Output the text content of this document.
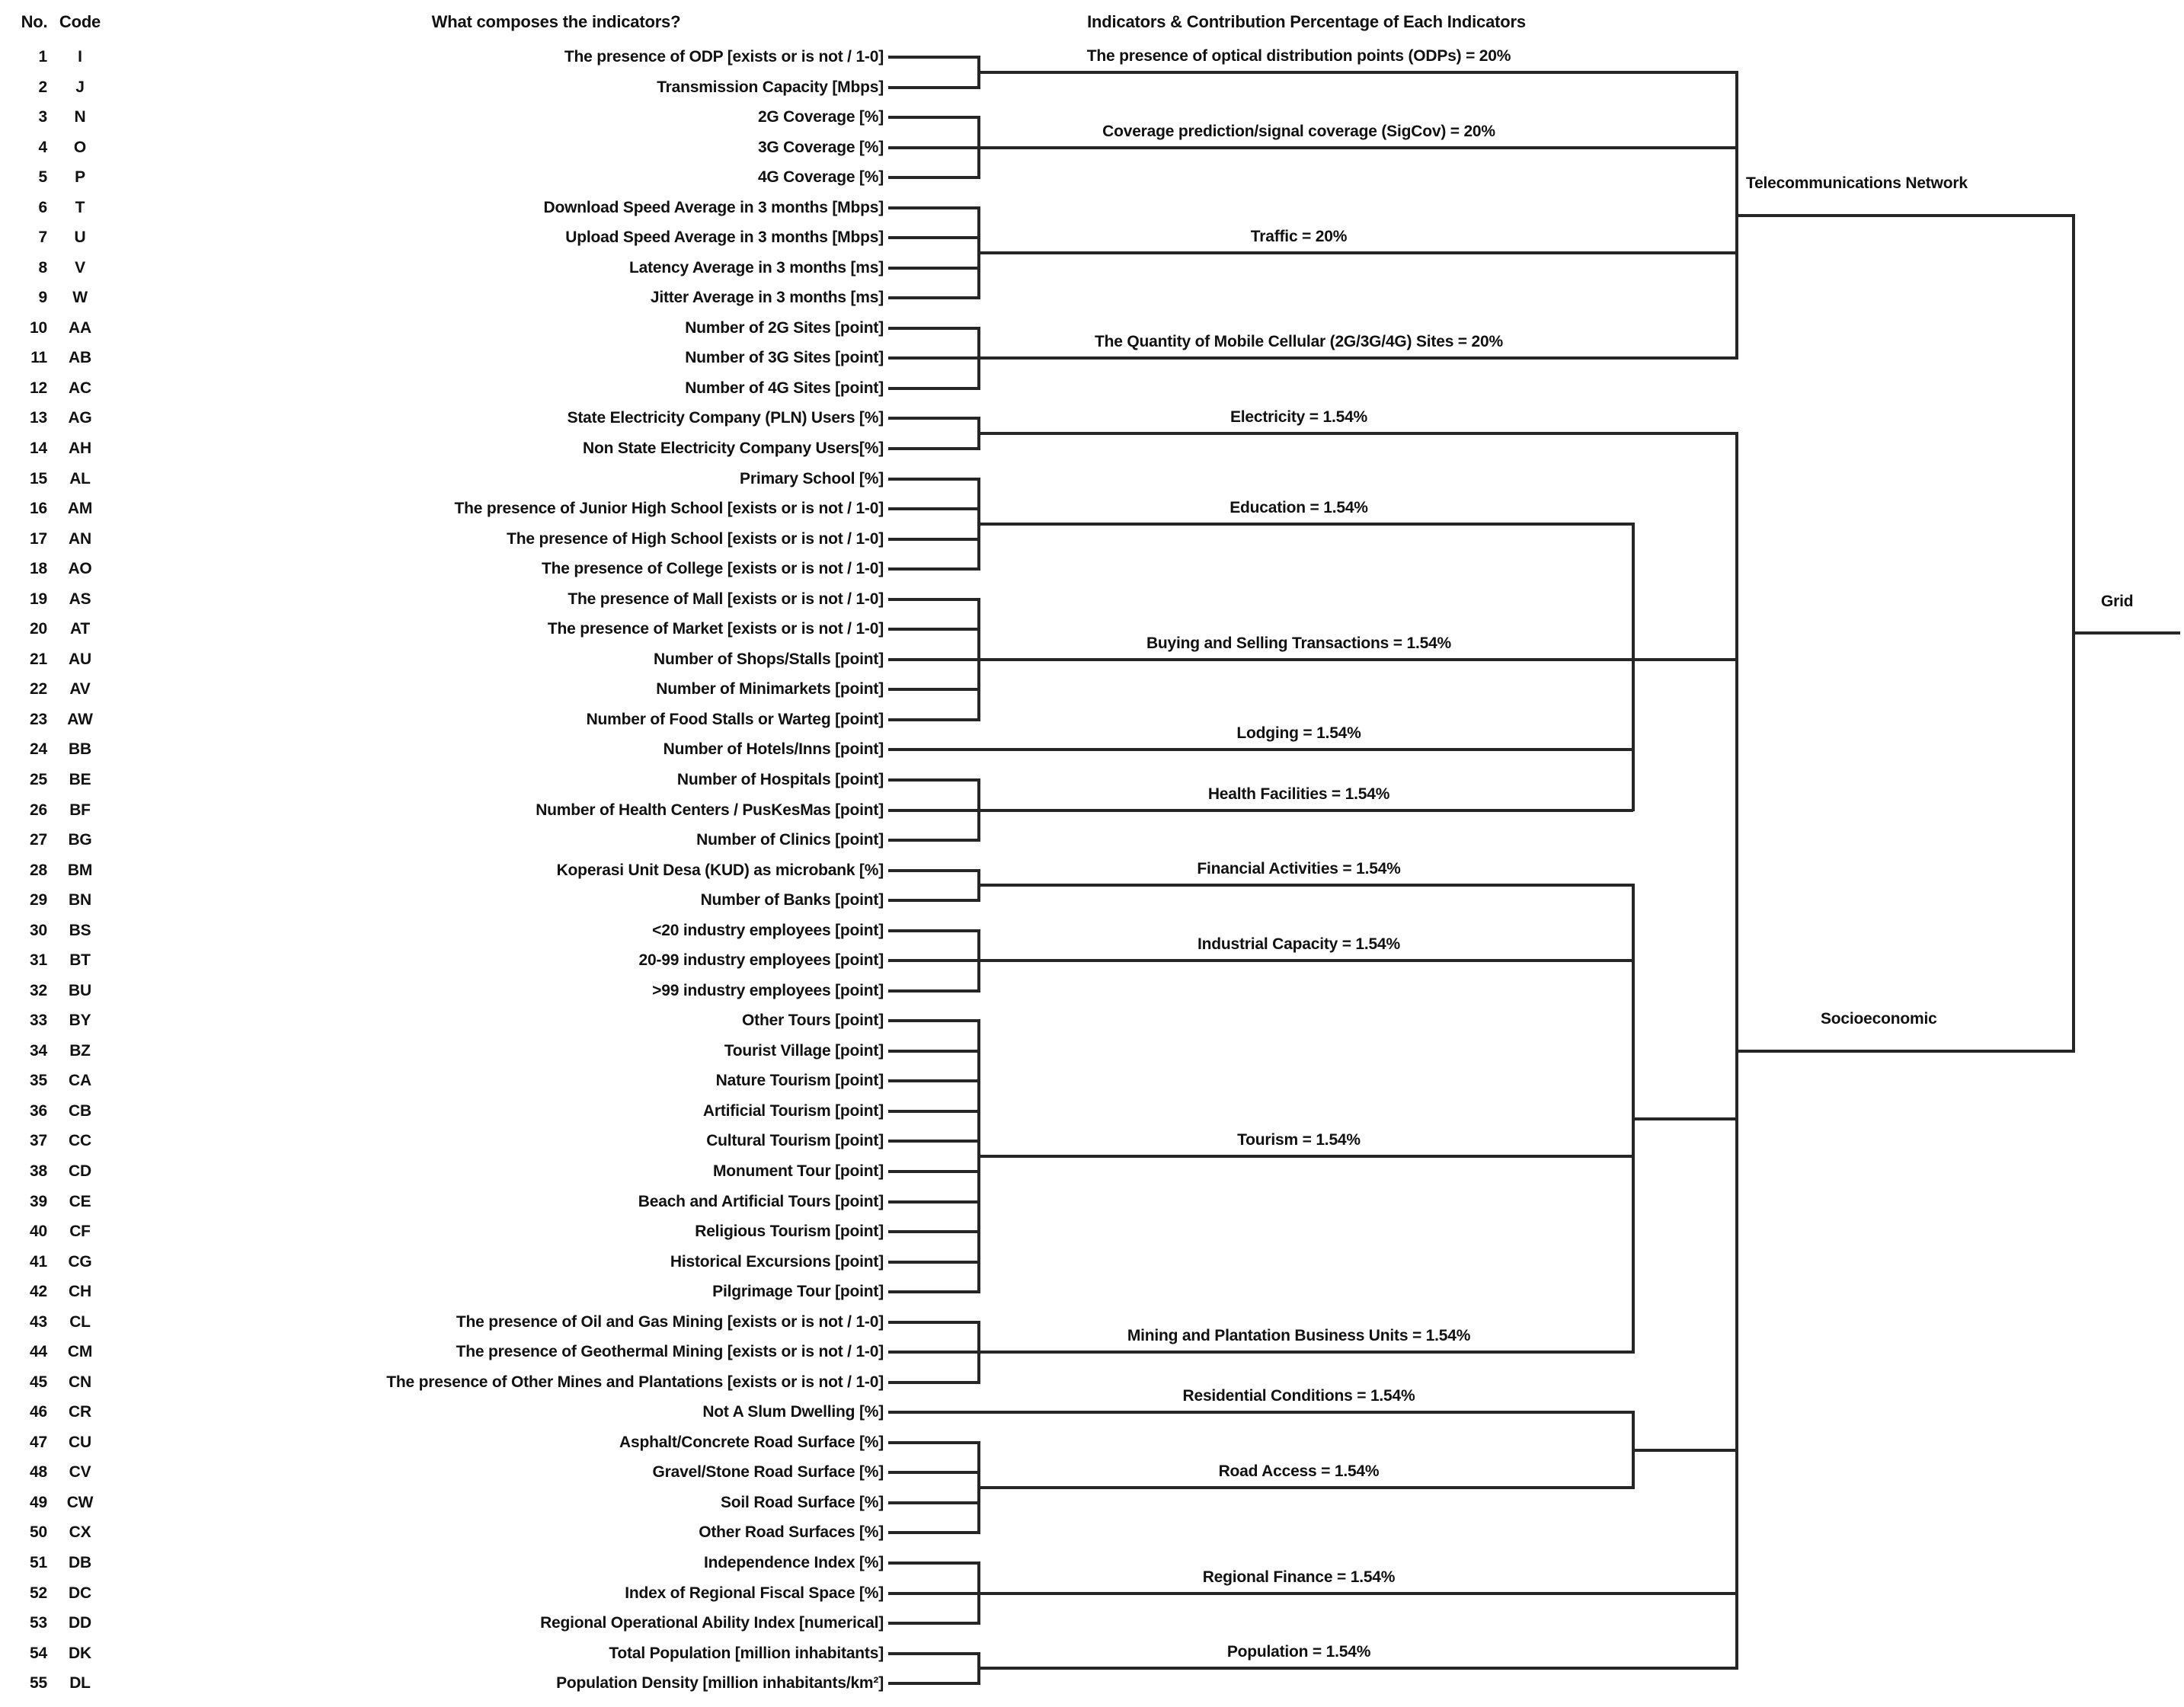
No. Code	What composes the indicators?	Indicators & Contribution Percentage of Each Indicators
Telecommunications Network
Socioeconomic
Grid
1	I	The presence of ODP [exists or is not / 1-0]
2	J	Transmission Capacity [Mbps]
3	N	2G Coverage [%]
4	O	3G Coverage [%]
5	P	4G Coverage [%]
6	T	Download Speed Average in 3 months [Mbps]
7	U	Upload Speed Average in 3 months [Mbps]
8	V	Latency Average in 3 months [ms]
9	W	Jitter Average in 3 months [ms]
10	AA	Number of 2G Sites [point]
11	AB	Number of 3G Sites [point]
12	AC	Number of 4G Sites [point]
13	AG	State Electricity Company (PLN) Users [%]
14	AH	Non State Electricity Company Users[%]
15	AL	Primary School [%]
16	AM	The presence of Junior High School [exists or is not / 1-0]
17	AN	The presence of High School [exists or is not / 1-0]
18	AO	The presence of College [exists or is not / 1-0]
19	AS	The presence of Mall [exists or is not / 1-0]
20	AT	The presence of Market [exists or is not / 1-0]
21	AU	Number of Shops/Stalls [point]
22	AV	Number of Minimarkets [point]
23	AW	Number of Food Stalls or Warteg [point]
24	BB	Number of Hotels/Inns [point]
25	BE	Number of Hospitals [point]
26	BF	Number of Health Centers / PusKesMas [point]
27	BG	Number of Clinics [point]
28	BM	Koperasi Unit Desa (KUD) as microbank [%]
29	BN	Number of Banks [point]
30	BS	<20 industry employees [point]
31	BT	20-99 industry employees [point]
32	BU	>99 industry employees [point]
33	BY	Other Tours [point]
34	BZ	Tourist Village [point]
35	CA	Nature Tourism [point]
36	CB	Artificial Tourism [point]
37	CC	Cultural Tourism [point]
38	CD	Monument Tour [point]
39	CE	Beach and Artificial Tours [point]
40	CF	Religious Tourism [point]
41	CG	Historical Excursions [point]
42	CH	Pilgrimage Tour [point]
43	CL	The presence of Oil and Gas Mining [exists or is not / 1-0]
44	CM	The presence of Geothermal Mining [exists or is not / 1-0]
45	CN	The presence of Other Mines and Plantations [exists or is not / 1-0]
46	CR	Not A Slum Dwelling [%]
47	CU	Asphalt/Concrete Road Surface [%]
48	CV	Gravel/Stone Road Surface [%]
49	CW	Soil Road Surface [%]
50	CX	Other Road Surfaces [%]
51	DB	Independence Index [%]
52	DC	Index of Regional Fiscal Space [%]
53	DD	Regional Operational Ability Index [numerical]
54	DK	Total Population [million inhabitants]
55	DL	Population Density [million inhabitants/km²]
The presence of optical distribution points (ODPs) = 20%
Coverage prediction/signal coverage (SigCov) = 20%
Traffic = 20%
The Quantity of Mobile Cellular (2G/3G/4G) Sites = 20%
Electricity = 1.54%
Education = 1.54%
Buying and Selling Transactions = 1.54%
Lodging = 1.54%
Health Facilities = 1.54%
Financial Activities = 1.54%
Industrial Capacity = 1.54%
Tourism = 1.54%
Mining and Plantation Business Units = 1.54%
Residential Conditions = 1.54%
Road Access = 1.54%
Regional Finance = 1.54%
Population = 1.54%
